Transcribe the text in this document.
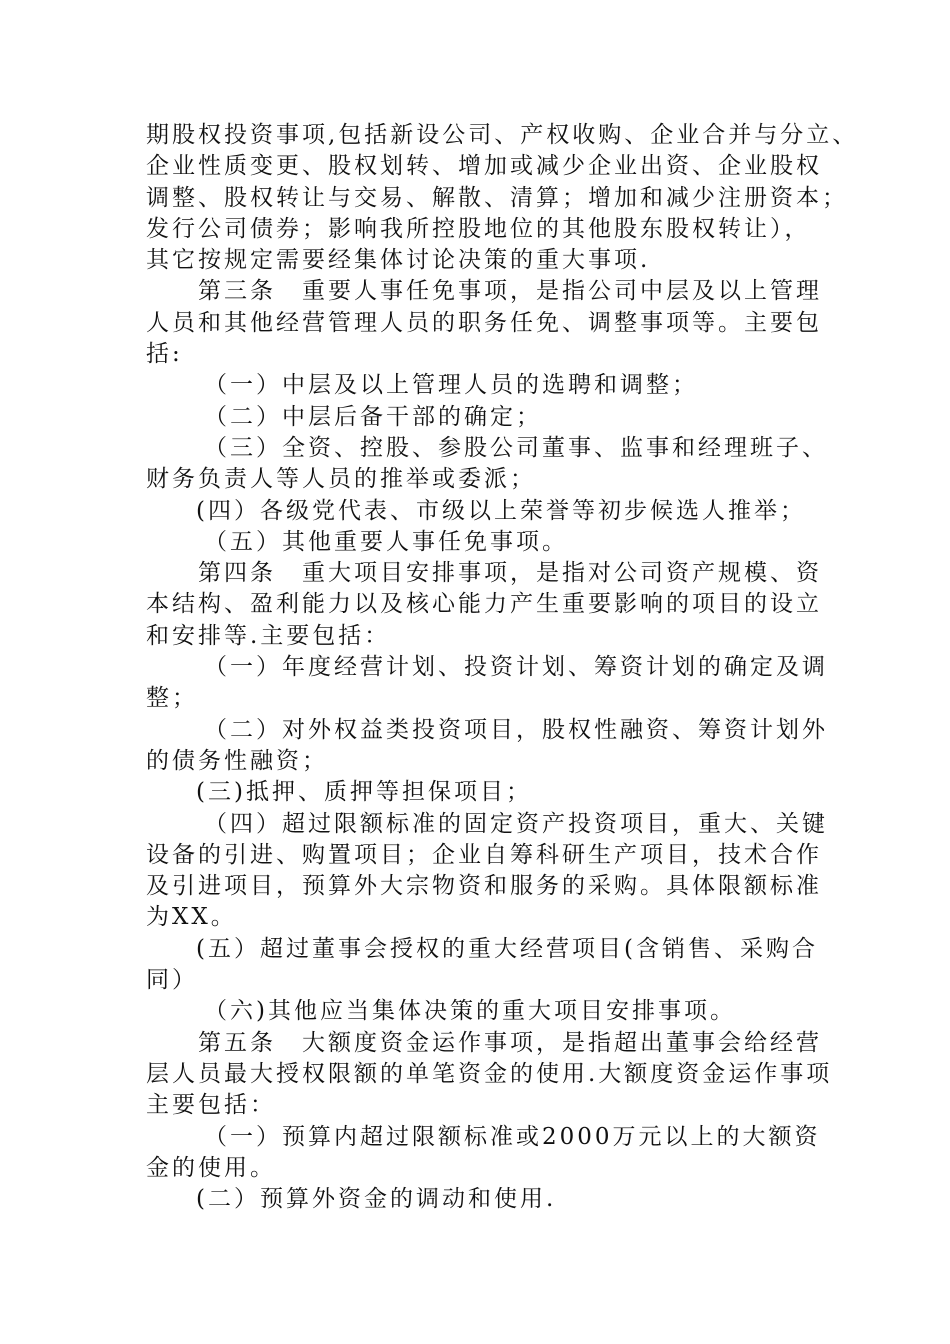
期股权投资事项,包括新设公司、产权收购、企业合并与分立、
企业性质变更、股权划转、增加或减少企业出资、企业股权
调整、股权转让与交易、解散、清算；增加和减少注册资本；
发行公司债券；影响我所控股地位的其他股东股权转让），
其它按规定需要经集体讨论决策的重大事项.
第三条　重要人事任免事项，是指公司中层及以上管理
人员和其他经营管理人员的职务任免、调整事项等。主要包
括:
（一）中层及以上管理人员的选聘和调整；
（二）中层后备干部的确定；
（三）全资、控股、参股公司董事、监事和经理班子、
财务负责人等人员的推举或委派；
(四）各级党代表、市级以上荣誉等初步候选人推举；
（五）其他重要人事任免事项。
第四条　重大项目安排事项，是指对公司资产规模、资
本结构、盈利能力以及核心能力产生重要影响的项目的设立
和安排等.主要包括：
（一）年度经营计划、投资计划、筹资计划的确定及调
整；
（二）对外权益类投资项目，股权性融资、筹资计划外
的债务性融资；
(三)抵押、质押等担保项目；
（四）超过限额标准的固定资产投资项目，重大、关键
设备的引进、购置项目；企业自筹科研生产项目，技术合作
及引进项目，预算外大宗物资和服务的采购。具体限额标准
为XX。
(五）超过董事会授权的重大经营项目(含销售、采购合
同）
（六)其他应当集体决策的重大项目安排事项。
第五条　大额度资金运作事项，是指超出董事会给经营
层人员最大授权限额的单笔资金的使用.大额度资金运作事项
主要包括：
（一）预算内超过限额标准或2000万元以上的大额资
金的使用。
(二）预算外资金的调动和使用.
